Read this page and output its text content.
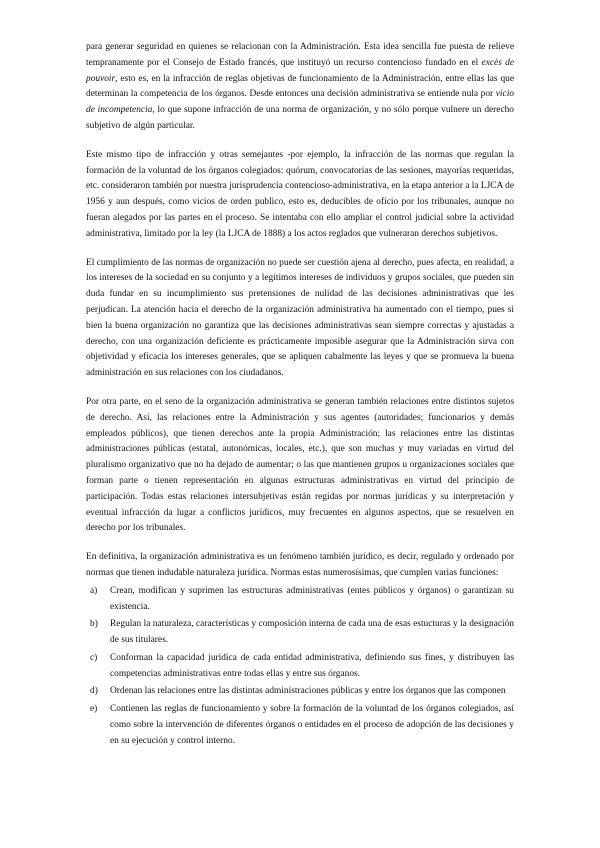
para generar seguridad en quienes se relacionan con la Administración. Esta idea sencilla fue puesta de relieve tempranamente por el Consejo de Estado francés, que instituyó un recurso contencioso fundado en el excès de pouvoir, esto es, en la infracción de reglas objetivas de funcionamiento de la Administración, entre ellas las que determinan la competencia de los órganos. Desde entonces una decisión administrativa se entiende nula por vicio de incompetencia, lo que supone infracción de una norma de organización, y no sólo porque vulnere un derecho subjetivo de algún particular.

Este mismo tipo de infracción y otras semejantes -por ejemplo, la infracción de las normas que regulan la formación de la voluntad de los órganos colegiados: quórum, convocatorias de las sesiones, mayorías requeridas, etc. consideraron también por nuestra jurisprudencia contencioso-administrativa, en la etapa anterior a la LJCA de 1956 y aun después, como vicios de orden publico, esto es, deducibles de oficio por los tribunales, aunque no fueran alegados por las partes en el proceso. Se intentaba con ello ampliar el control judicial sobre la actividad administrativa, limitado por la ley (la LJCA de 1888) a los actos reglados que vulneraran derechos subjetivos.

El cumplimiento de las normas de organización no puede ser cuestión ajena al derecho, pues afecta, en realidad, a los intereses de la sociedad en su conjunto y a legítimos intereses de individuos y grupos sociales, que pueden sin duda fundar en su incumplimiento sus pretensiones de nulidad de las decisiones administrativas que les perjudican. La atención hacia el derecho de la organización administrativa ha aumentado con el tiempo, pues si bien la buena organización no garantiza que las decisiones administrativas sean siempre correctas y ajustadas a derecho, con una organización deficiente es prácticamente imposible asegurar que la Administración sirva con objetividad y eficacia los intereses generales, que se apliquen cabalmente las leyes y que se promueva la buena administración en sus relaciones con los ciudadanos.

Por otra parte, en el seno de la organización administrativa se generan también relaciones entre distintos sujetos de derecho. Así, las relaciones entre la Administración y sus agentes (autoridades; funcionarios y demás empleados públicos), que tienen derechos ante la propia Administración; las relaciones entre las distintas administraciones públicas (estatal, autonómicas, locales, etc.), que son muchas y muy variadas en virtud del pluralismo organizativo que no ha dejado de aumentar; o las que mantienen grupos u organizaciones sociales que forman parte o tienen representación en algunas estructuras administrativas en virtud del principio de participación. Todas estas relaciones intersubjetivas están regidas por normas jurídicas y su interpretación y eventual infracción da lugar a conflictos jurídicos, muy frecuentes en algunos aspectos, que se resuelven en derecho por los tribunales.

En definitiva, la organización administrativa es un fenómeno también jurídico, es decir, regulado y ordenado por normas que tienen indudable naturaleza jurídica. Normas estas numerosísimas, que cumplen varias funciones:

a) Crean, modifican y suprimen las estructuras administrativas (entes públicos y órganos) o garantizan su existencia.
b) Regulan la naturaleza, características y composición interna de cada una de esas estucturas y la designación de sus titulares.
c) Conforman la capacidad jurídica de cada entidad administrativa, definiendo sus fines, y distribuyen las competencias administrativas entre todas ellas y entre sus órganos.
d) Ordenan las relaciones entre las distintas administraciones públicas y entre los órganos que las componen
e) Contienen las reglas de funcionamiento y sobre la formación de la voluntad de los órganos colegiados, así como sobre la intervención de diferentes órganos o entidades en el proceso de adopción de las decisiones y en su ejecución y control interno.
